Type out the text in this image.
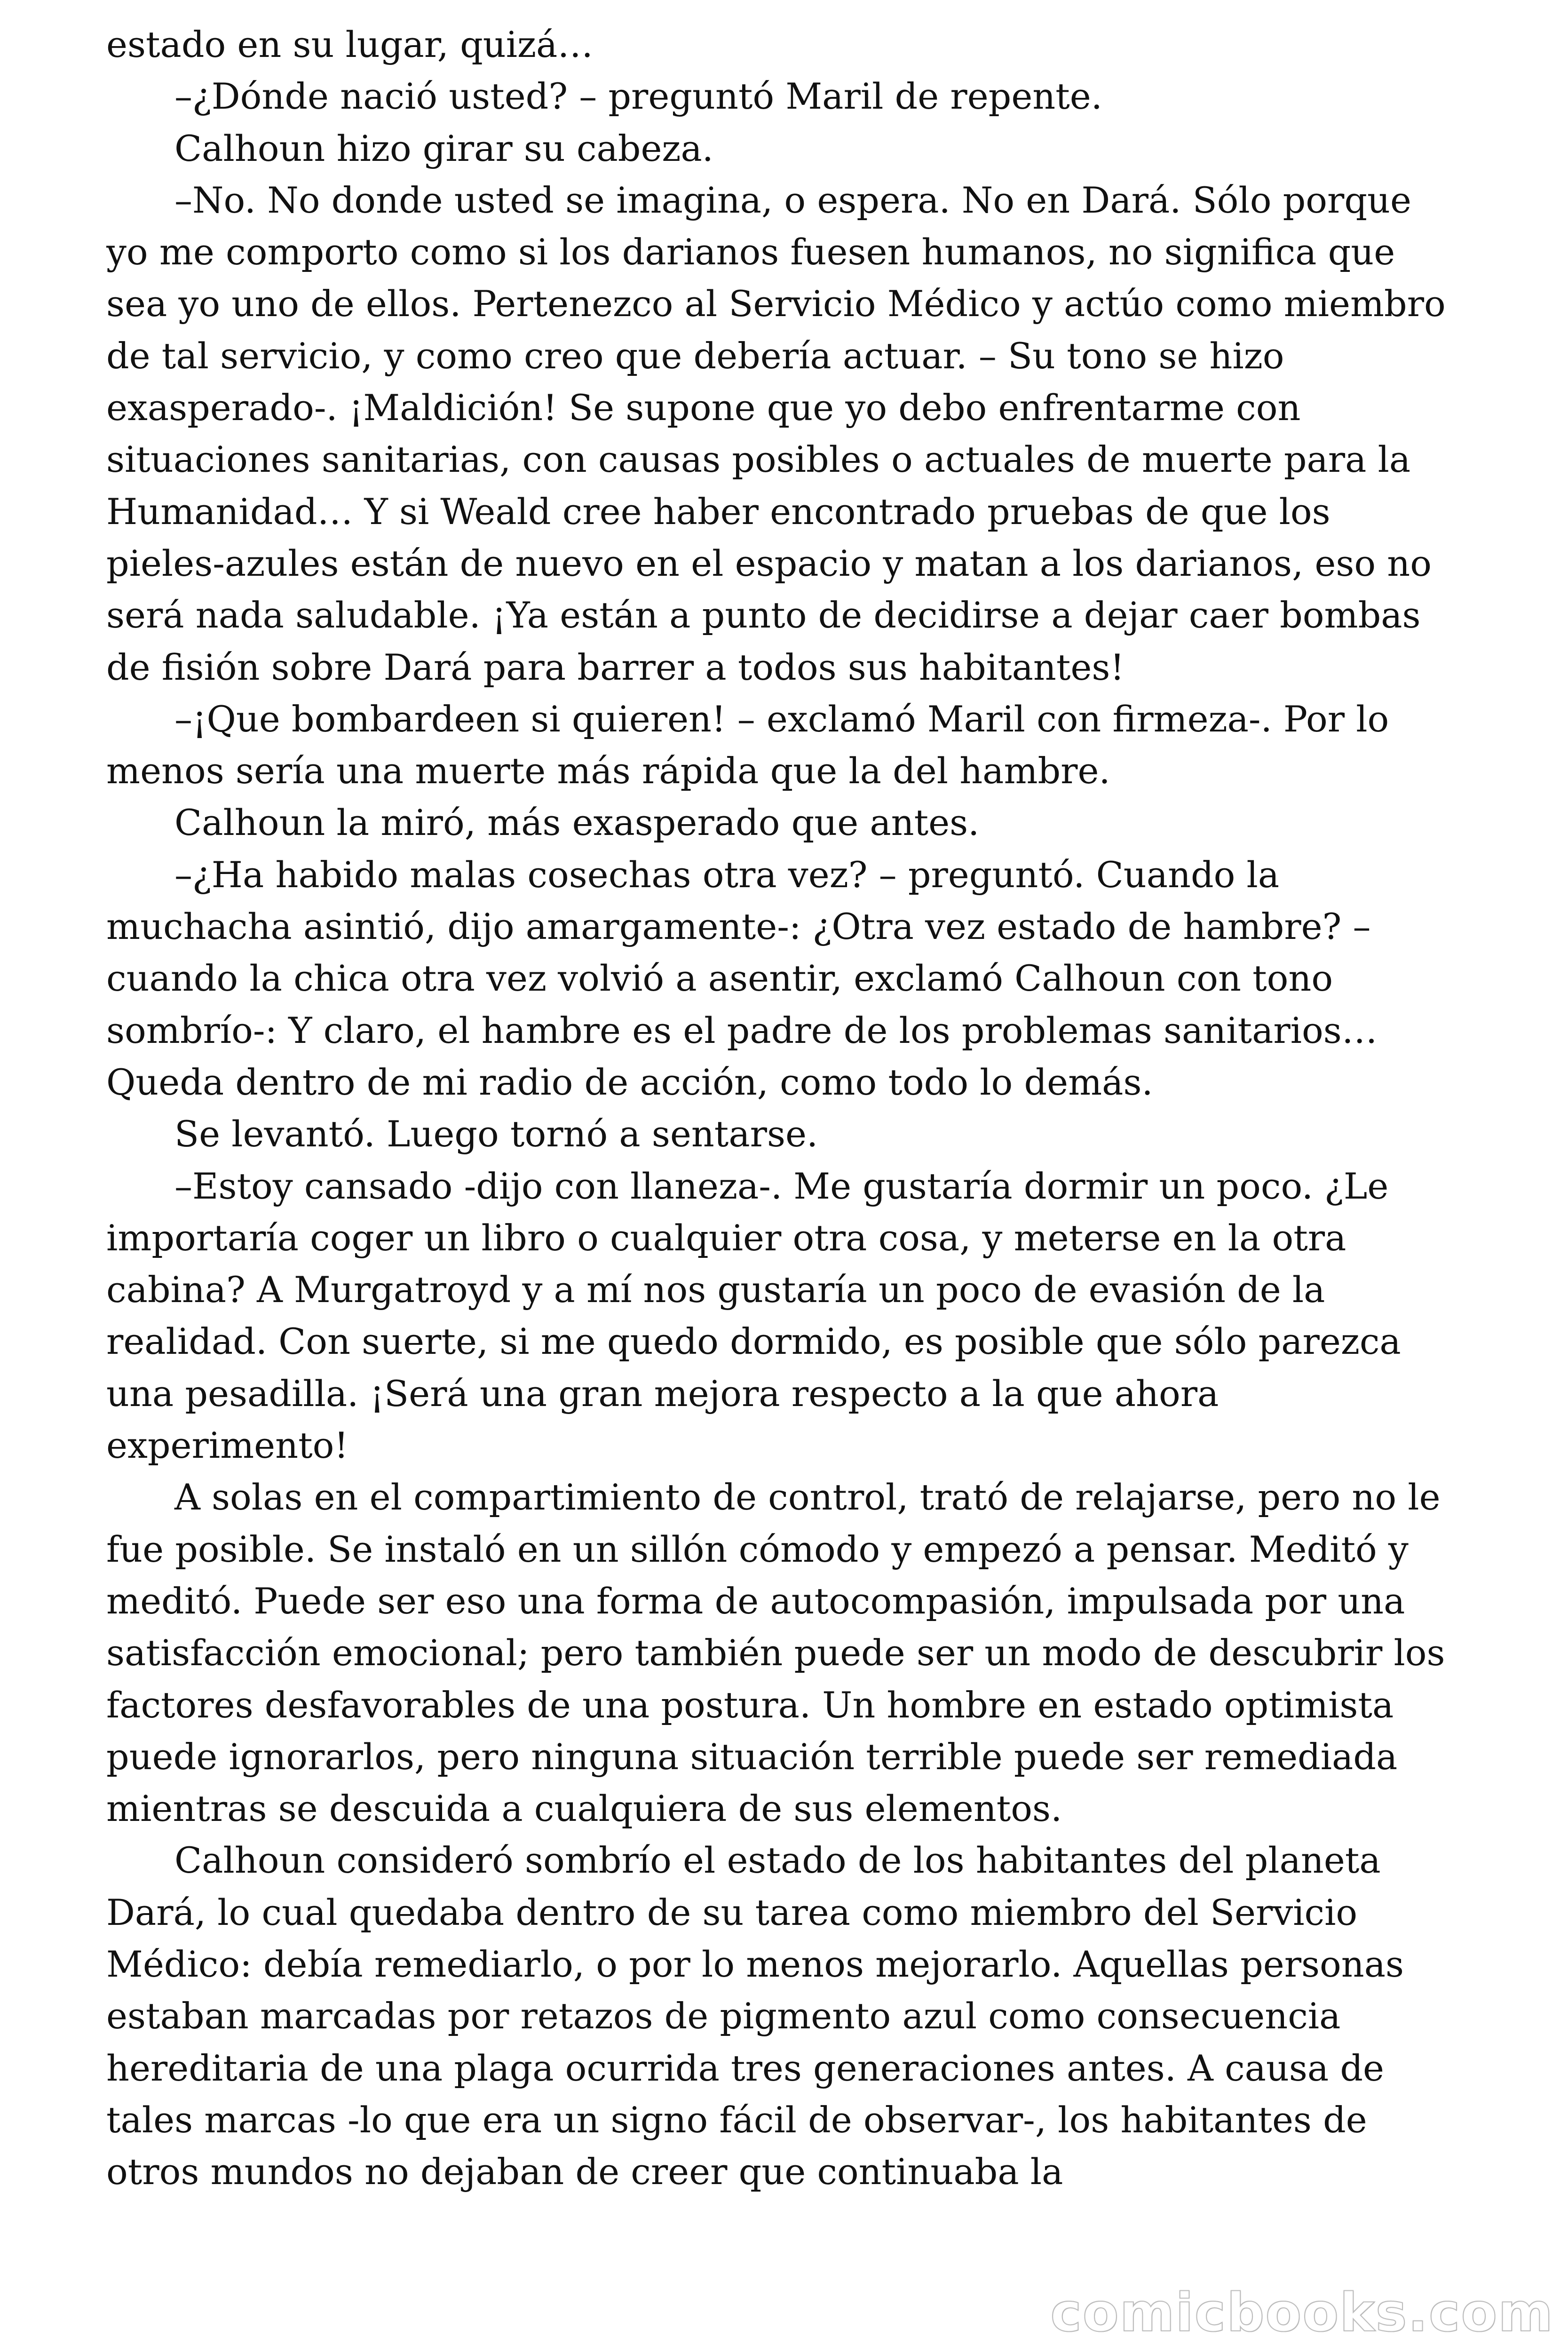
estado en su lugar, quizá…

–¿Dónde nació usted? – preguntó Maril de repente.

Calhoun hizo girar su cabeza.

–No. No donde usted se imagina, o espera. No en Dará. Sólo porque yo me comporto como si los darianos fuesen humanos, no significa que sea yo uno de ellos. Pertenezco al Servicio Médico y actúo como miembro de tal servicio, y como creo que debería actuar. – Su tono se hizo exasperado-. ¡Maldición! Se supone que yo debo enfrentarme con situaciones sanitarias, con causas posibles o actuales de muerte para la Humanidad… Y si Weald cree haber encontrado pruebas de que los pieles-azules están de nuevo en el espacio y matan a los darianos, eso no será nada saludable. ¡Ya están a punto de decidirse a dejar caer bombas de fisión sobre Dará para barrer a todos sus habitantes!

–¡Que bombardeen si quieren! – exclamó Maril con firmeza-. Por lo menos sería una muerte más rápida que la del hambre.

Calhoun la miró, más exasperado que antes.

–¿Ha habido malas cosechas otra vez? – preguntó. Cuando la muchacha asintió, dijo amargamente-: ¿Otra vez estado de hambre? – cuando la chica otra vez volvió a asentir, exclamó Calhoun con tono sombrío-: Y claro, el hambre es el padre de los problemas sanitarios… Queda dentro de mi radio de acción, como todo lo demás.

Se levantó. Luego tornó a sentarse.

–Estoy cansado -dijo con llaneza-. Me gustaría dormir un poco. ¿Le importaría coger un libro o cualquier otra cosa, y meterse en la otra cabina? A Murgatroyd y a mí nos gustaría un poco de evasión de la realidad. Con suerte, si me quedo dormido, es posible que sólo parezca una pesadilla. ¡Será una gran mejora respecto a la que ahora experimento!

A solas en el compartimiento de control, trató de relajarse, pero no le fue posible. Se instaló en un sillón cómodo y empezó a pensar. Meditó y meditó. Puede ser eso una forma de autocompasión, impulsada por una satisfacción emocional; pero también puede ser un modo de descubrir los factores desfavorables de una postura. Un hombre en estado optimista puede ignorarlos, pero ninguna situación terrible puede ser remediada mientras se descuida a cualquiera de sus elementos.

Calhoun consideró sombrío el estado de los habitantes del planeta Dará, lo cual quedaba dentro de su tarea como miembro del Servicio Médico: debía remediarlo, o por lo menos mejorarlo. Aquellas personas estaban marcadas por retazos de pigmento azul como consecuencia hereditaria de una plaga ocurrida tres generaciones antes. A causa de tales marcas -lo que era un signo fácil de observar-, los habitantes de otros mundos no dejaban de creer que continuaba la

comicbooks.com
